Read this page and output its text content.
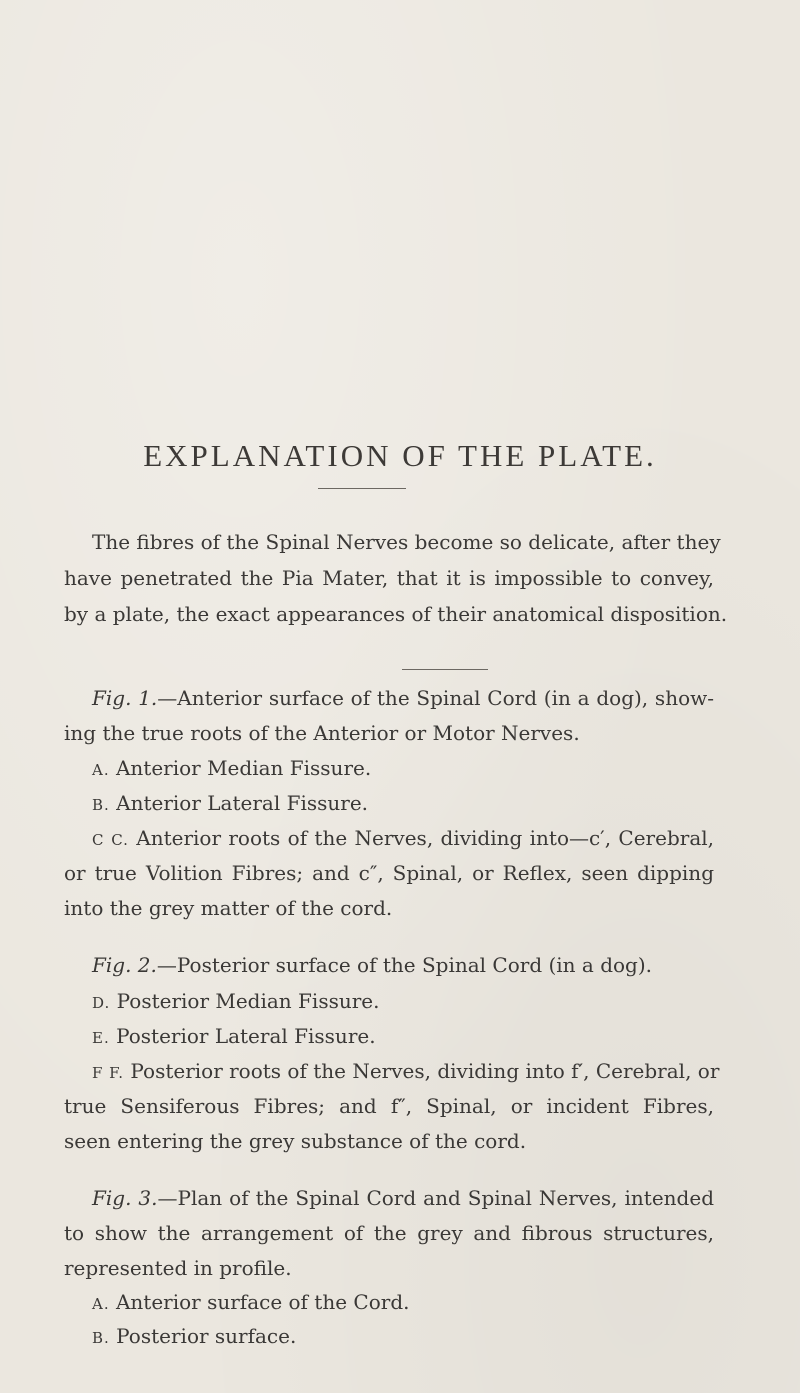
EXPLANATION OF THE PLATE.
The fibres of the Spinal Nerves become so delicate, after they
have penetrated the Pia Mater, that it is impossible to convey,
by a plate, the exact appearances of their anatomical disposition.
Fig. 1.—Anterior surface of the Spinal Cord (in a dog), show-
ing the true roots of the Anterior or Motor Nerves.
A. Anterior Median Fissure.
B. Anterior Lateral Fissure.
C C. Anterior roots of the Nerves, dividing into—c′, Cerebral,
or true Volition Fibres; and c″, Spinal, or Reflex, seen dipping
into the grey matter of the cord.
Fig. 2.—Posterior surface of the Spinal Cord (in a dog).
D. Posterior Median Fissure.
E. Posterior Lateral Fissure.
F F. Posterior roots of the Nerves, dividing into f′, Cerebral, or
true Sensiferous Fibres; and f″, Spinal, or incident Fibres,
seen entering the grey substance of the cord.
Fig. 3.—Plan of the Spinal Cord and Spinal Nerves, intended
to show the arrangement of the grey and fibrous structures,
represented in profile.
A. Anterior surface of the Cord.
B. Posterior surface.
